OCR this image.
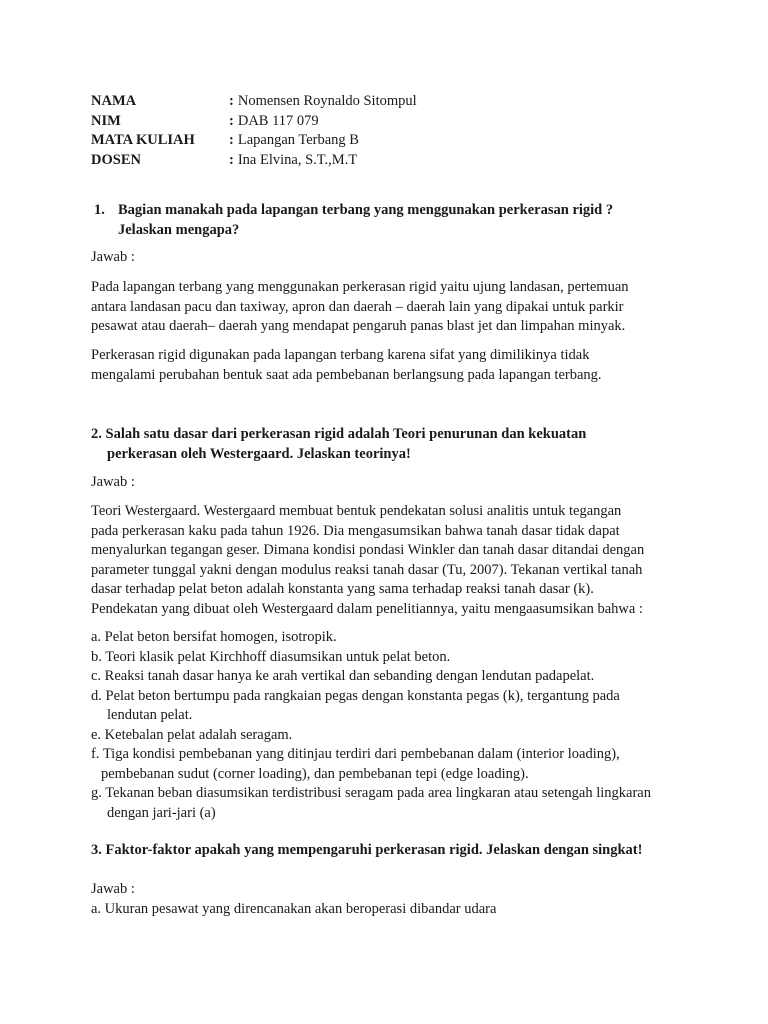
NAMA	: Nomensen Roynaldo Sitompul
NIM	: DAB 117 079
MATA KULIAH	: Lapangan Terbang B
DOSEN	: Ina Elvina, S.T.,M.T
1. Bagian manakah pada lapangan terbang yang menggunakan perkerasan rigid ?
Jelaskan mengapa?
Jawab :
Pada lapangan terbang yang menggunakan perkerasan rigid yaitu ujung landasan, pertemuan
antara landasan pacu dan taxiway, apron dan daerah – daerah lain yang dipakai untuk parkir
pesawat atau daerah– daerah yang mendapat pengaruh panas blast jet dan limpahan minyak.
Perkerasan rigid digunakan pada lapangan terbang karena sifat yang dimilikinya tidak
mengalami perubahan bentuk saat ada pembebanan berlangsung pada lapangan terbang.
2. Salah satu dasar dari perkerasan rigid adalah Teori penurunan dan kekuatan
perkerasan oleh Westergaard. Jelaskan teorinya!
Jawab :
Teori Westergaard. Westergaard membuat bentuk pendekatan solusi analitis untuk tegangan
pada perkerasan kaku pada tahun 1926. Dia mengasumsikan bahwa tanah dasar tidak dapat
menyalurkan tegangan geser. Dimana kondisi pondasi Winkler dan tanah dasar ditandai dengan
parameter tunggal yakni dengan modulus reaksi tanah dasar (Tu, 2007). Tekanan vertikal tanah
dasar terhadap pelat beton adalah konstanta yang sama terhadap reaksi tanah dasar (k).
Pendekatan yang dibuat oleh Westergaard dalam penelitiannya, yaitu mengaasumsikan bahwa :
a. Pelat beton bersifat homogen, isotropik.
b. Teori klasik pelat Kirchhoff diasumsikan untuk pelat beton.
c. Reaksi tanah dasar hanya ke arah vertikal dan sebanding dengan lendutan padapelat.
d. Pelat beton bertumpu pada rangkaian pegas dengan konstanta pegas (k), tergantung pada
lendutan pelat.
e. Ketebalan pelat adalah seragam.
f. Tiga kondisi pembebanan yang ditinjau terdiri dari pembebanan dalam (interior loading),
pembebanan sudut (corner loading), dan pembebanan tepi (edge loading).
g. Tekanan beban diasumsikan terdistribusi seragam pada area lingkaran atau setengah lingkaran
dengan jari-jari (a)
3. Faktor-faktor apakah yang mempengaruhi perkerasan rigid. Jelaskan dengan singkat!
Jawab :
a. Ukuran pesawat yang direncanakan akan beroperasi dibandar udara
